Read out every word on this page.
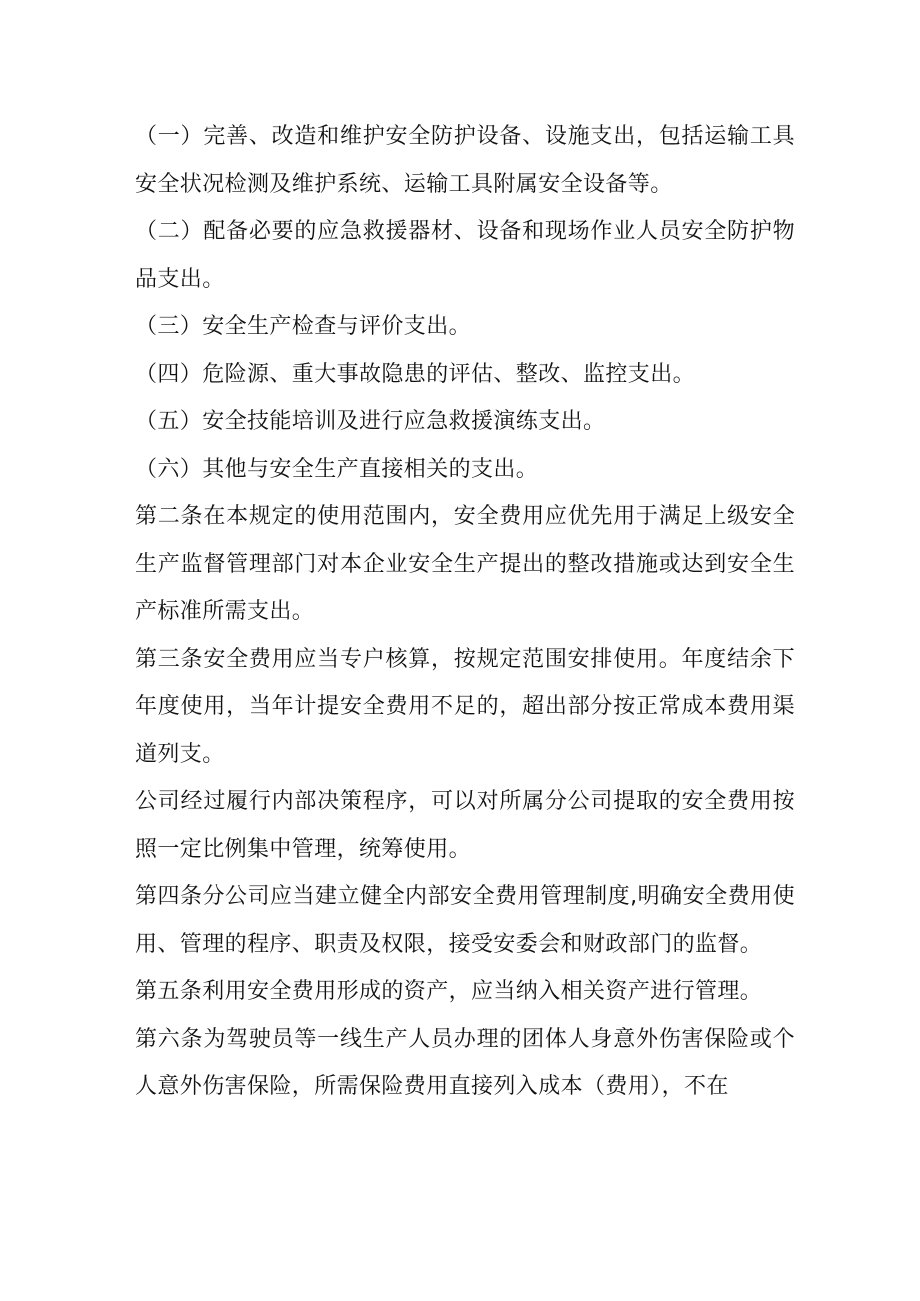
（一）完善、改造和维护安全防护设备、设施支出，包括运输工具安全状况检测及维护系统、运输工具附属安全设备等。

（二）配备必要的应急救援器材、设备和现场作业人员安全防护物品支出。

（三）安全生产检查与评价支出。

（四）危险源、重大事故隐患的评估、整改、监控支出。

（五）安全技能培训及进行应急救援演练支出。

（六）其他与安全生产直接相关的支出。

第二条在本规定的使用范围内，安全费用应优先用于满足上级安全生产监督管理部门对本企业安全生产提出的整改措施或达到安全生产标准所需支出。

第三条安全费用应当专户核算，按规定范围安排使用。年度结余下年度使用，当年计提安全费用不足的，超出部分按正常成本费用渠道列支。

公司经过履行内部决策程序，可以对所属分公司提取的安全费用按照一定比例集中管理，统筹使用。

第四条分公司应当建立健全内部安全费用管理制度,明确安全费用使用、管理的程序、职责及权限，接受安委会和财政部门的监督。

第五条利用安全费用形成的资产，应当纳入相关资产进行管理。

第六条为驾驶员等一线生产人员办理的团体人身意外伤害保险或个人意外伤害保险，所需保险费用直接列入成本（费用），不在
